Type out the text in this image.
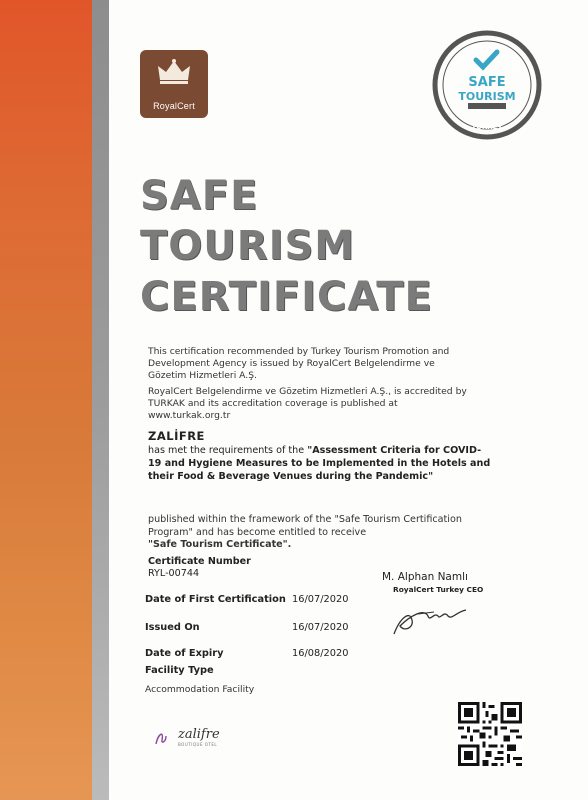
RoyalCert
CERTIFICATE OF
SAFE
TOURISM
TURKEY
SAFE
TOURISM
CERTIFICATE
This certification recommended by Turkey Tourism Promotion and Development Agency is issued by RoyalCert Belgelendirme ve Gözetim Hizmetleri A.Ş.
RoyalCert Belgelendirme ve Gözetim Hizmetleri A.Ş., is accredited by TURKAK and its accreditation coverage is published at www.turkak.org.tr
ZALİFRE
has met the requirements of the "Assessment Criteria for COVID-19 and Hygiene Measures to be Implemented in the Hotels and their Food & Beverage Venues during the Pandemic"
published within the framework of the "Safe Tourism Certification Program" and has become entitled to receive
"Safe Tourism Certificate".
Certificate Number
RYL-00744
Date of First Certification 16/07/2020
Issued On	16/07/2020
Date of Expiry	16/08/2020
Facility Type
Accommodation Facility
M. Alphan Namlı
RoyalCert Turkey CEO
zalifre
BOUTIQUE OTEL
